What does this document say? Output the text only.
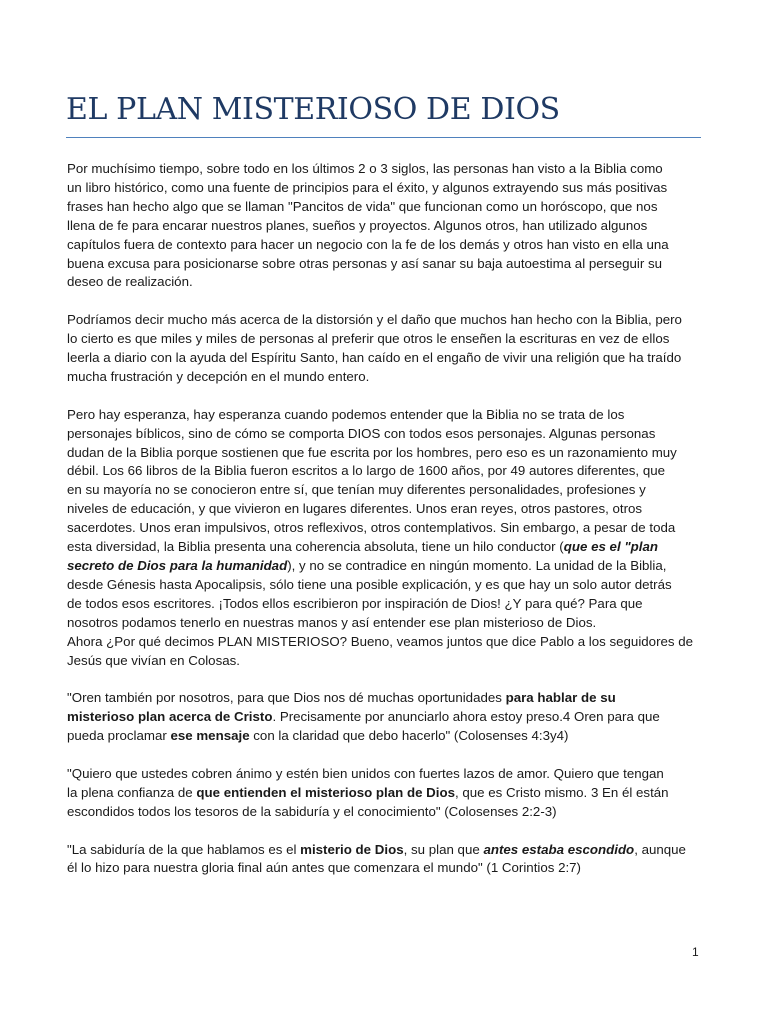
EL PLAN MISTERIOSO DE DIOS

Por muchísimo tiempo, sobre todo en los últimos 2 o 3 siglos, las personas han visto a la Biblia como
un libro histórico, como una fuente de principios para el éxito, y algunos extrayendo sus más positivas
frases han hecho algo que se llaman "Pancitos de vida" que funcionan como un horóscopo, que nos
llena de fe para encarar nuestros planes, sueños y proyectos. Algunos otros, han utilizado algunos
capítulos fuera de contexto para hacer un negocio con la fe de los demás y otros han visto en ella una
buena excusa para posicionarse sobre otras personas y así sanar su baja autoestima al perseguir su
deseo de realización.

Podríamos decir mucho más acerca de la distorsión y el daño que muchos han hecho con la Biblia, pero
lo cierto es que miles y miles de personas al preferir que otros le enseñen la escrituras en vez de ellos
leerla a diario con la ayuda del Espíritu Santo, han caído en el engaño de vivir una religión que ha traído
mucha frustración y decepción en el mundo entero.

Pero hay esperanza, hay esperanza cuando podemos entender que la Biblia no se trata de los
personajes bíblicos, sino de cómo se comporta DIOS con todos esos personajes. Algunas personas
dudan de la Biblia porque sostienen que fue escrita por los hombres, pero eso es un razonamiento muy
débil. Los 66 libros de la Biblia fueron escritos a lo largo de 1600 años, por 49 autores diferentes, que
en su mayoría no se conocieron entre sí, que tenían muy diferentes personalidades, profesiones y
niveles de educación, y que vivieron en lugares diferentes. Unos eran reyes, otros pastores, otros
sacerdotes. Unos eran impulsivos, otros reflexivos, otros contemplativos. Sin embargo, a pesar de toda
esta diversidad, la Biblia presenta una coherencia absoluta, tiene un hilo conductor (que es el "plan
secreto de Dios para la humanidad), y no se contradice en ningún momento. La unidad de la Biblia,
desde Génesis hasta Apocalipsis, sólo tiene una posible explicación, y es que hay un solo autor detrás
de todos esos escritores. ¡Todos ellos escribieron por inspiración de Dios! ¿Y para qué? Para que
nosotros podamos tenerlo en nuestras manos y así entender ese plan misterioso de Dios.

Ahora ¿Por qué decimos PLAN MISTERIOSO? Bueno, veamos juntos que dice Pablo a los seguidores de
Jesús que vivían en Colosas.

"Oren también por nosotros, para que Dios nos dé muchas oportunidades para hablar de su
misterioso plan acerca de Cristo. Precisamente por anunciarlo ahora estoy preso.4 Oren para que
pueda proclamar ese mensaje con la claridad que debo hacerlo" (Colosenses 4:3y4)

"Quiero que ustedes cobren ánimo y estén bien unidos con fuertes lazos de amor. Quiero que tengan
la plena confianza de que entienden el misterioso plan de Dios, que es Cristo mismo. 3 En él están
escondidos todos los tesoros de la sabiduría y el conocimiento" (Colosenses 2:2-3)

"La sabiduría de la que hablamos es el misterio de Dios, su plan que antes estaba escondido, aunque
él lo hizo para nuestra gloria final aún antes que comenzara el mundo" (1 Corintios 2:7)

1
